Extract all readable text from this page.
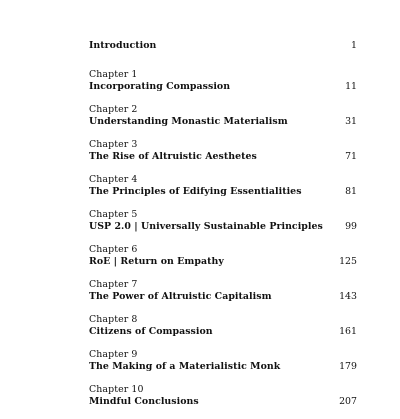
Introduction	1
Chapter 1
Incorporating Compassion	11
Chapter 2
Understanding Monastic Materialism	31
Chapter 3
The Rise of Altruistic Aesthetes	71
Chapter 4
The Principles of Edifying Essentialities	81
Chapter 5
USP 2.0 | Universally Sustainable Principles	99
Chapter 6
RoE | Return on Empathy	125
Chapter 7
The Power of Altruistic Capitalism	143
Chapter 8
Citizens of Compassion	161
Chapter 9
The Making of a Materialistic Monk	179
Chapter 10
Mindful Conclusions	207
